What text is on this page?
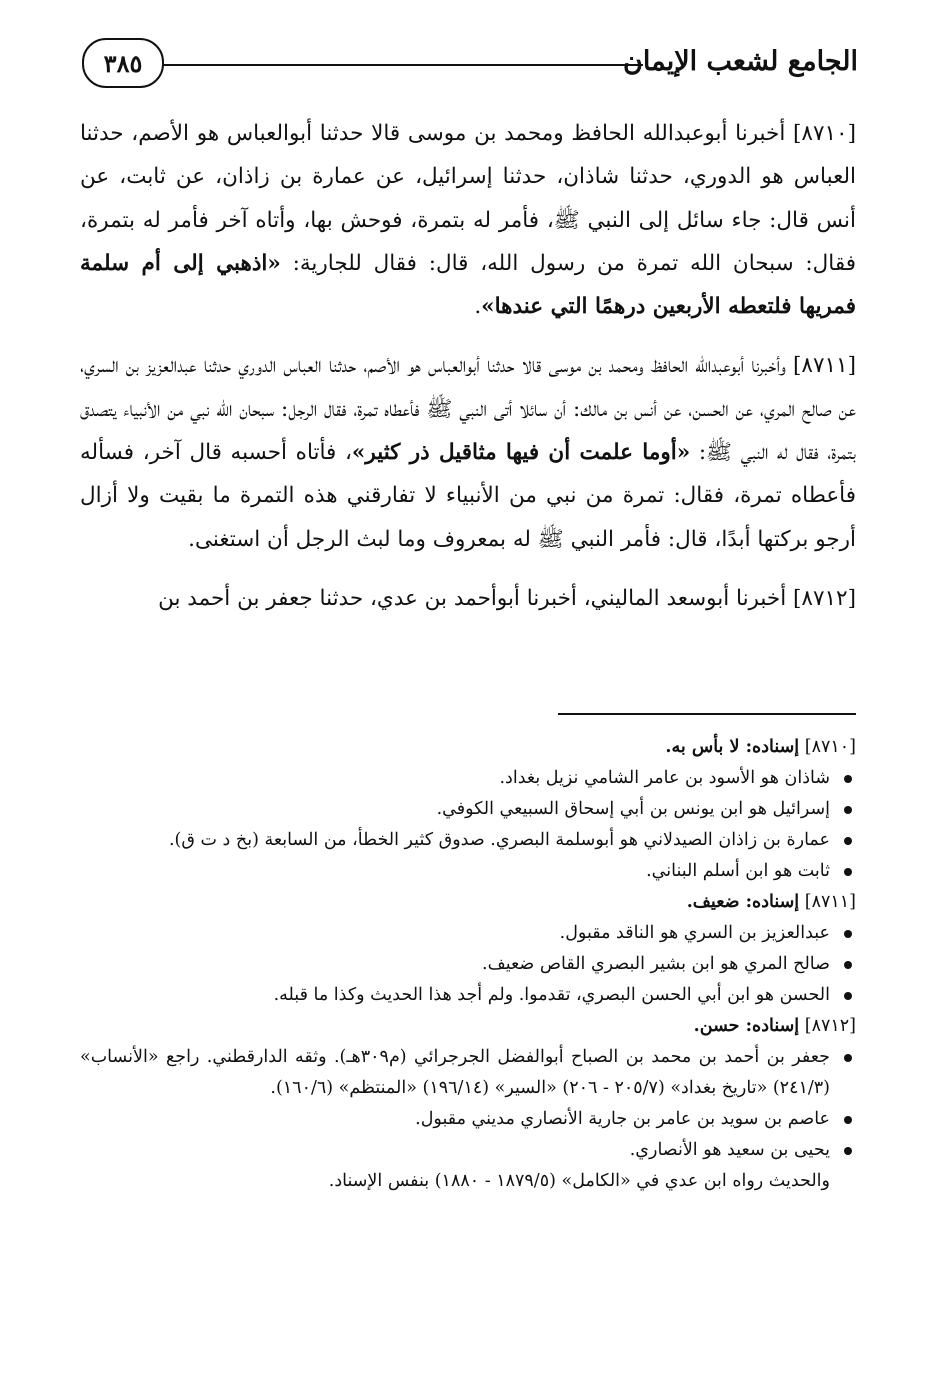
الجامع لشعب الإيمان
٣٨٥

[٨٧١٠] أخبرنا أبوعبدالله الحافظ ومحمد بن موسى قالا حدثنا أبوالعباس هو الأصم، حدثنا العباس هو الدوري، حدثنا شاذان، حدثنا إسرائيل، عن عمارة بن زاذان، عن ثابت، عن أنس قال: جاء سائل إلى النبي ﷺ، فأمر له بتمرة، فوحش بها، وأتاه آخر فأمر له بتمرة، فقال: سبحان الله تمرة من رسول الله، قال: فقال للجارية: «اذهبي إلى أم سلمة فمريها فلتعطه الأربعين درهمًا التي عندها».

[٨٧١١] وأخبرنا أبوعبدالله الحافظ ومحمد بن موسى قالا حدثنا أبوالعباس هو الأصم، حدثنا العباس الدوري حدثنا عبدالعزيز بن السري، عن صالح المري، عن الحسن، عن أنس بن مالك: أن سائلا أتى النبي ﷺ فأعطاه تمرة، فقال الرجل: سبحان الله نبي من الأنبياء يتصدق بتمرة، فقال له النبي ﷺ: «أوما علمت أن فيها مثاقيل ذر كثير»، فأتاه أحسبه قال آخر، فسأله فأعطاه تمرة، فقال: تمرة من نبي من الأنبياء لا تفارقني هذه التمرة ما بقيت ولا أزال أرجو بركتها أبدًا، قال: فأمر النبي ﷺ له بمعروف وما لبث الرجل أن استغنى.

[٨٧١٢] أخبرنا أبوسعد الماليني، أخبرنا أبوأحمد بن عدي، حدثنا جعفر بن أحمد بن

[٨٧١٠] إسناده: لا بأس به.

شاذان هو الأسود بن عامر الشامي نزيل بغداد.
إسرائيل هو ابن يونس بن أبي إسحاق السبيعي الكوفي.
عمارة بن زاذان الصيدلاني هو أبوسلمة البصري. صدوق كثير الخطأ، من السابعة (بخ د ت ق).
ثابت هو ابن أسلم البناني.

[٨٧١١] إسناده: ضعيف.

عبدالعزيز بن السري هو الناقد مقبول.
صالح المري هو ابن بشير البصري القاص ضعيف.
الحسن هو ابن أبي الحسن البصري، تقدموا. ولم أجد هذا الحديث وكذا ما قبله.

[٨٧١٢] إسناده: حسن.

جعفر بن أحمد بن محمد بن الصباح أبوالفضل الجرجرائي (م٣٠٩هـ). وثقه الدارقطني. راجع «الأنساب» (٢٤١/٣) «تاريخ بغداد» (٢٠٥/٧ - ٢٠٦) «السير» (١٩٦/١٤) «المنتظم» (١٦٠/٦).
عاصم بن سويد بن عامر بن جارية الأنصاري مديني مقبول.
يحيى بن سعيد هو الأنصاري.

والحديث رواه ابن عدي في «الكامل» (١٨٧٩/٥ - ١٨٨٠) بنفس الإسناد.
